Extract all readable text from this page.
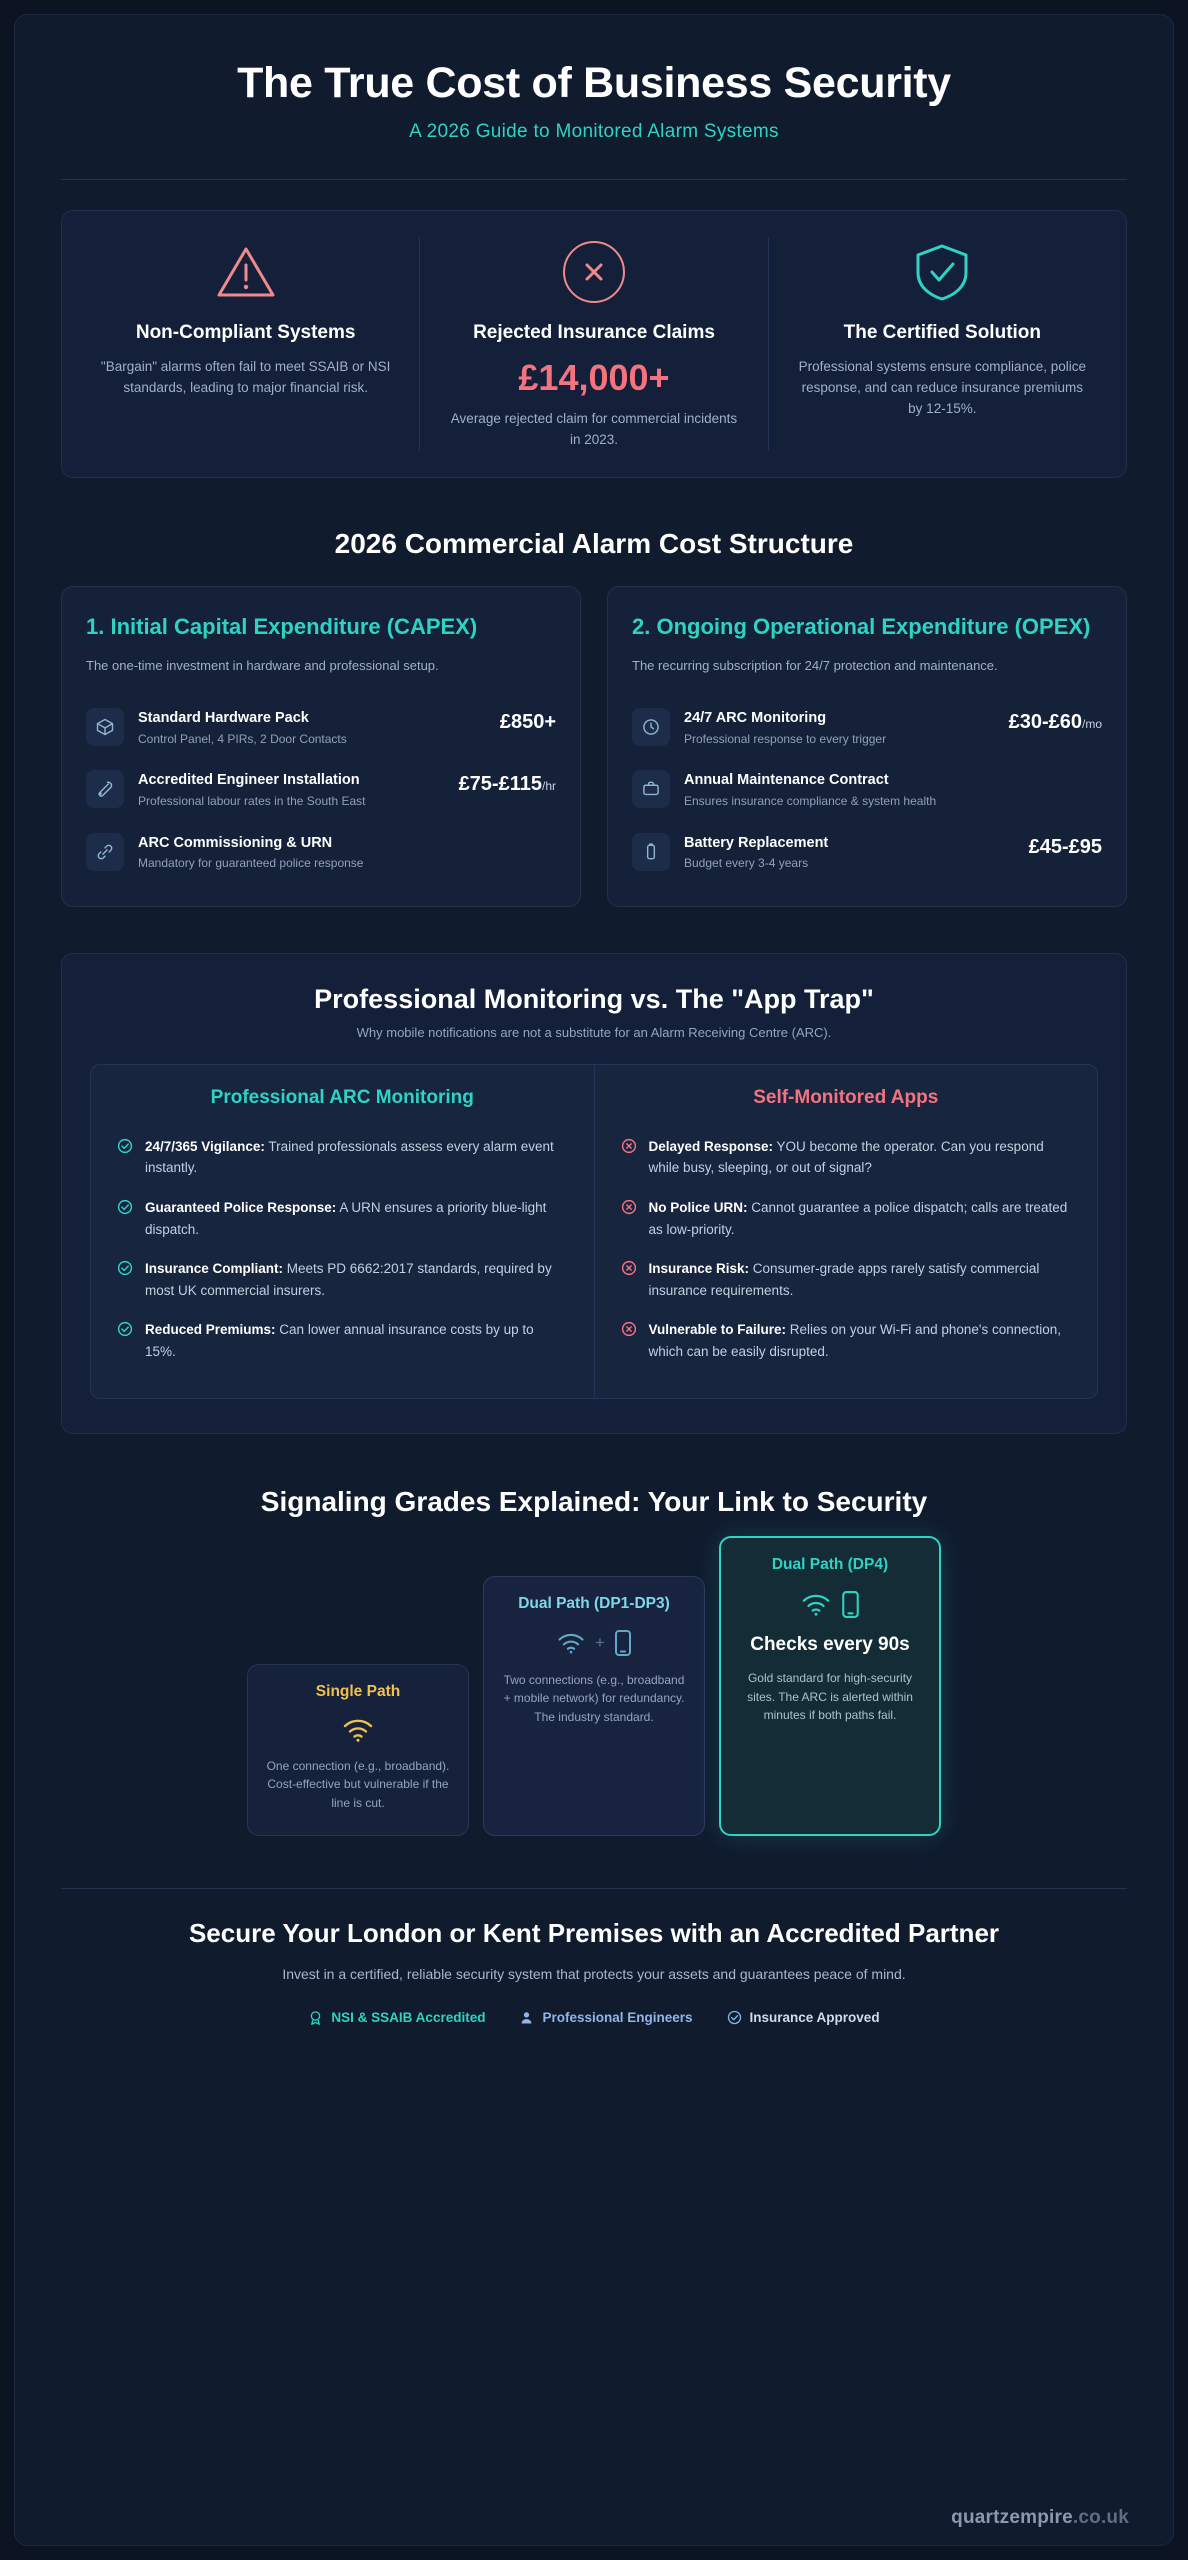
The True Cost of Business Security
A 2026 Guide to Monitored Alarm Systems
Non-Compliant Systems

"Bargain" alarms often fail to meet SSAIB or NSI standards, leading to major financial risk.

Rejected Insurance Claims
£14,000+

Average rejected claim for commercial incidents in 2023.

The Certified Solution

Professional systems ensure compliance, police response, and can reduce insurance premiums by 12-15%.

2026 Commercial Alarm Cost Structure
1. Initial Capital Expenditure (CAPEX)
The one-time investment in hardware and professional setup.
Standard Hardware Pack
Control Panel, 4 PIRs, 2 Door Contacts
£850+
Accredited Engineer Installation
Professional labour rates in the South East
£75-£115/hr
ARC Commissioning & URN
Mandatory for guaranteed police response
2. Ongoing Operational Expenditure (OPEX)
The recurring subscription for 24/7 protection and maintenance.
24/7 ARC Monitoring
Professional response to every trigger
£30-£60/mo
Annual Maintenance Contract
Ensures insurance compliance & system health
Battery Replacement
Budget every 3-4 years
£45-£95
Professional Monitoring vs. The "App Trap"
Why mobile notifications are not a substitute for an Alarm Receiving Centre (ARC).
Professional ARC Monitoring
24/7/365 Vigilance: Trained professionals assess every alarm event instantly.
Guaranteed Police Response: A URN ensures a priority blue-light dispatch.
Insurance Compliant: Meets PD 6662:2017 standards, required by most UK commercial insurers.
Reduced Premiums: Can lower annual insurance costs by up to 15%.
Self-Monitored Apps
Delayed Response: YOU become the operator. Can you respond while busy, sleeping, or out of signal?
No Police URN: Cannot guarantee a police dispatch; calls are treated as low-priority.
Insurance Risk: Consumer-grade apps rarely satisfy commercial insurance requirements.
Vulnerable to Failure: Relies on your Wi-Fi and phone's connection, which can be easily disrupted.
Signaling Grades Explained: Your Link to Security
Single Path

One connection (e.g., broadband). Cost-effective but vulnerable if the line is cut.

Dual Path (DP1-DP3)
+

Two connections (e.g., broadband + mobile network) for redundancy. The industry standard.

Dual Path (DP4)
Checks every 90s

Gold standard for high-security sites. The ARC is alerted within minutes if both paths fail.

Secure Your London or Kent Premises with an Accredited Partner
Invest in a certified, reliable security system that protects your assets and guarantees peace of mind.
NSI & SSAIB Accredited	Professional Engineers	Insurance Approved
quartzempire.co.uk
